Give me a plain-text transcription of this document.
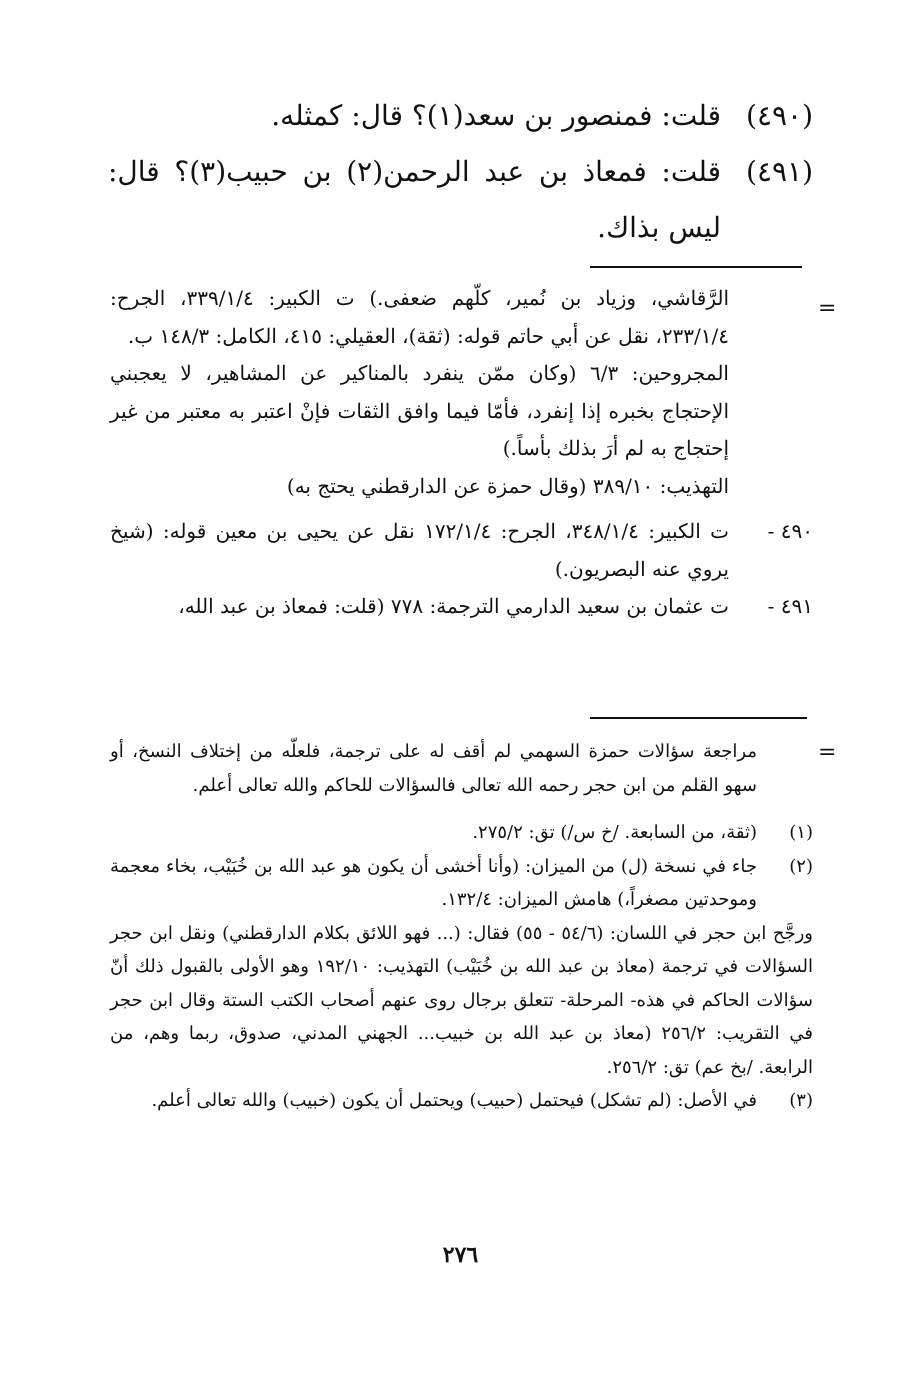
(٤٩٠)
قلت: فمنصور بن سعد(١)؟ قال: كمثله.
(٤٩١)
قلت: فمعاذ بن عبد الرحمن(٢) بن حبيب(٣)؟ قال: ليس بذاك.
=

الرَّقاشي، وزياد بن نُمير، كلّهم ضعفى.) ت الكبير: ٣٣٩/١/٤، الجرح: ٢٣٣/١/٤، نقل عن أبي حاتم قوله: (ثقة)، العقيلي: ٤١٥، الكامل: ١٤٨/٣ ب.

المجروحين: ٦/٣ (وكان ممّن ينفرد بالمناكير عن المشاهير، لا يعجبني الإحتجاج بخبره إذا إنفرد، فأمّا فيما وافق الثقات فإنْ اعتبر به معتبر من غير إحتجاج به لم أرَ بذلك بأساً.)

التهذيب: ٣٨٩/١٠ (وقال حمزة عن الدارقطني يحتج به)

٤٩٠ -
ت الكبير: ٣٤٨/١/٤، الجرح: ١٧٢/١/٤ نقل عن يحيى بن معين قوله: (شيخ يروي عنه البصريون.)
٤٩١ -
ت عثمان بن سعيد الدارمي الترجمة: ٧٧٨ (قلت: فمعاذ بن عبد الله،
=

مراجعة سؤالات حمزة السهمي لم أقف له على ترجمة، فلعلّه من إختلاف النسخ، أو سهو القلم من ابن حجر رحمه الله تعالى فالسؤالات للحاكم والله تعالى أعلم.

(١)
(ثقة، من السابعة. /خ س/) تق: ٢٧٥/٢.
(٢)
جاء في نسخة (ل) من الميزان: (وأنا أخشى أن يكون هو عبد الله بن خُبَيْب، بخاء معجمة وموحدتين مصغراً،) هامش الميزان: ١٣٢/٤.
ورجَّح ابن حجر في اللسان: (٥٤/٦ - ٥٥) فقال: (... فهو اللائق بكلام الدارقطني) ونقل ابن حجر السؤالات في ترجمة (معاذ بن عبد الله بن خُبَيْب) التهذيب: ١٩٢/١٠ وهو الأولى بالقبول ذلك أنّ سؤالات الحاكم في هذه- المرحلة- تتعلق برجال روى عنهم أصحاب الكتب الستة وقال ابن حجر في التقريب: ٢٥٦/٢ (معاذ بن عبد الله بن خبيب... الجهني المدني، صدوق، ربما وهم، من الرابعة. /بخ عم) تق: ٢٥٦/٢.
(٣)
في الأصل: (لم تشكل) فيحتمل (حبيب) ويحتمل أن يكون (خبيب) والله تعالى أعلم.
٢٧٦
